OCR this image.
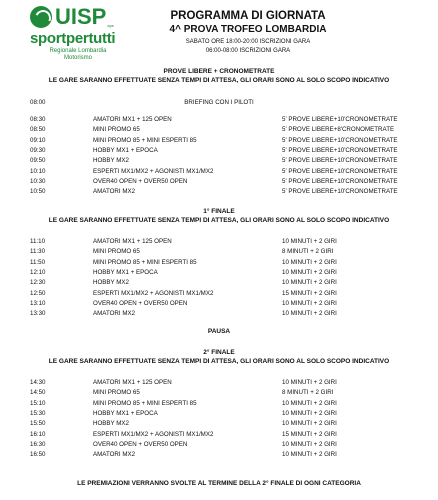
UISP aps
sportpertutti
Regionale Lombardia
Motorismo
PROGRAMMA DI GIORNATA
4^ PROVA TROFEO LOMBARDIA
SABATO ORE 18:00-20:00 ISCRIZIONI GARA
06:00-08:00 ISCRIZIONI GARA
PROVE LIBERE + CRONOMETRATE
LE GARE SARANNO EFFETTUATE SENZA TEMPI DI ATTESA, GLI ORARI SONO AL SOLO SCOPO INDICATIVO
08:00	BRIEFING CON I PILOTI
08:30	AMATORI MX1 + 125 OPEN	5' PROVE LIBERE+10'CRONOMETRATE
08:50	MINI PROMO 65	5' PROVE LIBERE+8'CRONOMETRATE
09:10	MINI PROMO 85 + MINI ESPERTI 85	5' PROVE LIBERE+10'CRONOMETRATE
09:30	HOBBY MX1 + EPOCA	5' PROVE LIBERE+10'CRONOMETRATE
09:50	HOBBY MX2	5' PROVE LIBERE+10'CRONOMETRATE
10:10	ESPERTI MX1/MX2 + AGONISTI MX1/MX2	5' PROVE LIBERE+10'CRONOMETRATE
10:30	OVER40 OPEN + OVER50 OPEN	5' PROVE LIBERE+10'CRONOMETRATE
10:50	AMATORI MX2	5' PROVE LIBERE+10'CRONOMETRATE
1° FINALE
LE GARE SARANNO EFFETTUATE SENZA TEMPI DI ATTESA, GLI ORARI SONO AL SOLO SCOPO INDICATIVO
11:10	AMATORI MX1 + 125 OPEN	10 MINUTI + 2 GIRI
11:30	MINI PROMO 65	8 MINUTI + 2 GIRI
11:50	MINI PROMO 85 + MINI ESPERTI 85	10 MINUTI + 2 GIRI
12:10	HOBBY MX1 + EPOCA	10 MINUTI + 2 GIRI
12:30	HOBBY MX2	10 MINUTI + 2 GIRI
12:50	ESPERTI MX1/MX2 + AGONISTI MX1/MX2	15 MINUTI + 2 GIRI
13:10	OVER40 OPEN + OVER50 OPEN	10 MINUTI + 2 GIRI
13:30	AMATORI MX2	10 MINUTI + 2 GIRI
PAUSA
2° FINALE
LE GARE SARANNO EFFETTUATE SENZA TEMPI DI ATTESA, GLI ORARI SONO AL SOLO SCOPO INDICATIVO
14:30	AMATORI MX1 + 125 OPEN	10 MINUTI + 2 GIRI
14:50	MINI PROMO 65	8 MINUTI + 2 GIRI
15:10	MINI PROMO 85 + MINI ESPERTI 85	10 MINUTI + 2 GIRI
15:30	HOBBY MX1 + EPOCA	10 MINUTI + 2 GIRI
15:50	HOBBY MX2	10 MINUTI + 2 GIRI
16:10	ESPERTI MX1/MX2 + AGONISTI MX1/MX2	15 MINUTI + 2 GIRI
16:30	OVER40 OPEN + OVER50 OPEN	10 MINUTI + 2 GIRI
16:50	AMATORI MX2	10 MINUTI + 2 GIRI
LE PREMIAZIONI VERRANNO SVOLTE AL TERMINE DELLA 2° FINALE DI OGNI CATEGORIA
